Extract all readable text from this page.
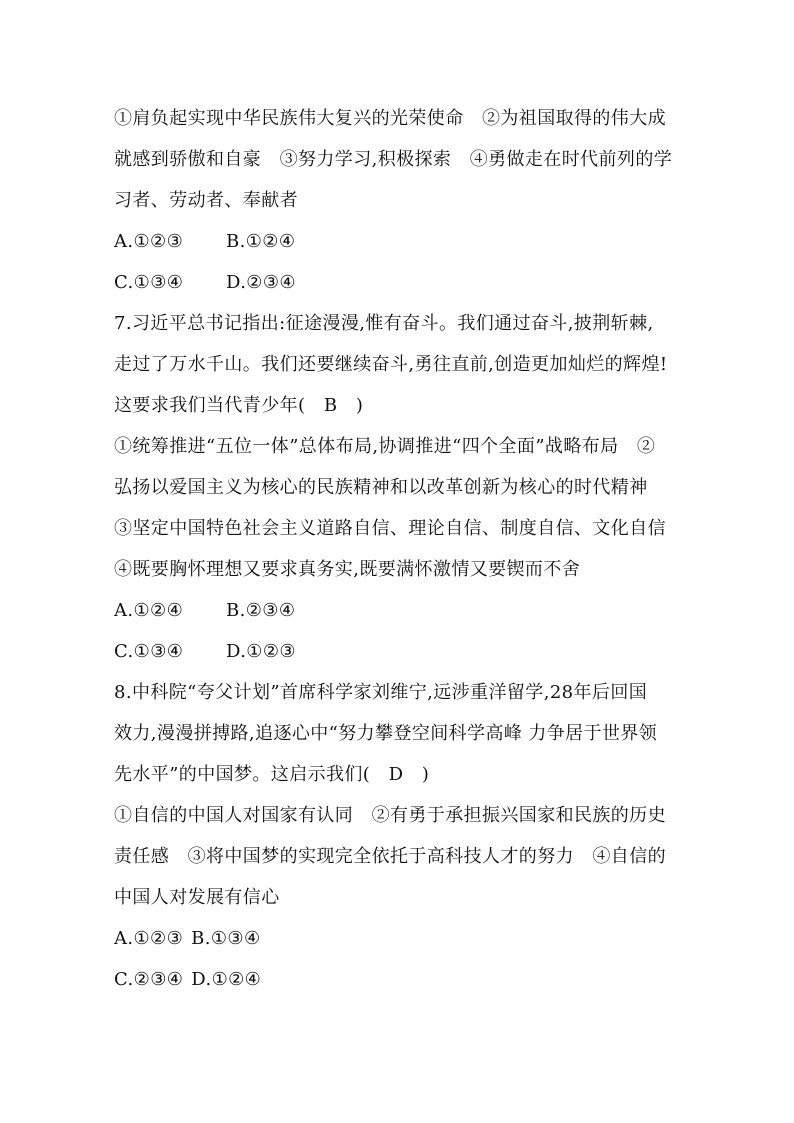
①肩负起实现中华民族伟大复兴的光荣使命　②为祖国取得的伟大成
就感到骄傲和自豪　③努力学习,积极探索　④勇做走在时代前列的学
习者、劳动者、奉献者
A.①②③ B.①②④
C.①③④ D.②③④
7.习近平总书记指出:征途漫漫,惟有奋斗。我们通过奋斗,披荆斩棘,
走过了万水千山。我们还要继续奋斗,勇往直前,创造更加灿烂的辉煌!
这要求我们当代青少年(　B　)
①统筹推进“五位一体”总体布局,协调推进“四个全面”战略布局　②
弘扬以爱国主义为核心的民族精神和以改革创新为核心的时代精神
③坚定中国特色社会主义道路自信、理论自信、制度自信、文化自信
④既要胸怀理想又要求真务实,既要满怀激情又要锲而不舍
A.①②④ B.②③④
C.①③④ D.①②③
8.中科院“夸父计划”首席科学家刘维宁,远涉重洋留学,28年后回国
效力,漫漫拼搏路,追逐心中“努力攀登空间科学高峰 力争居于世界领
先水平”的中国梦。这启示我们(　D　)
①自信的中国人对国家有认同　②有勇于承担振兴国家和民族的历史
责任感　③将中国梦的实现完全依托于高科技人才的努力　④自信的
中国人对发展有信心
A.①②③ B.①③④
C.②③④ D.①②④
